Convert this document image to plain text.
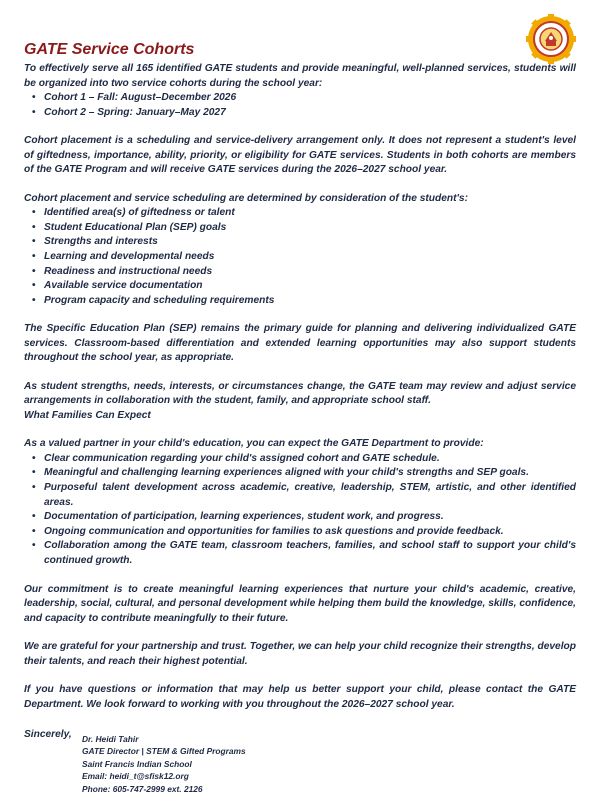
GATE Service Cohorts

To effectively serve all 165 identified GATE students and provide meaningful, well-planned services, students will be organized into two service cohorts during the school year:

• Cohort 1 – Fall: August–December 2026
• Cohort 2 – Spring: January–May 2027

Cohort placement is a scheduling and service-delivery arrangement only. It does not represent a student's level of giftedness, importance, ability, priority, or eligibility for GATE services. Students in both cohorts are members of the GATE Program and will receive GATE services during the 2026–2027 school year.

Cohort placement and service scheduling are determined by consideration of the student's:

• Identified area(s) of giftedness or talent
• Student Educational Plan (SEP) goals
• Strengths and interests
• Learning and developmental needs
• Readiness and instructional needs
• Available service documentation
• Program capacity and scheduling requirements

The Specific Education Plan (SEP) remains the primary guide for planning and delivering individualized GATE services. Classroom-based differentiation and extended learning opportunities may also support students throughout the school year, as appropriate.

As student strengths, needs, interests, or circumstances change, the GATE team may review and adjust service arrangements in collaboration with the student, family, and appropriate school staff.

What Families Can Expect

As a valued partner in your child's education, you can expect the GATE Department to provide:

• Clear communication regarding your child's assigned cohort and GATE schedule.
• Meaningful and challenging learning experiences aligned with your child's strengths and SEP goals.
• Purposeful talent development across academic, creative, leadership, STEM, artistic, and other identified areas.
• Documentation of participation, learning experiences, student work, and progress.
• Ongoing communication and opportunities for families to ask questions and provide feedback.
• Collaboration among the GATE team, classroom teachers, families, and school staff to support your child's continued growth.

Our commitment is to create meaningful learning experiences that nurture your child's academic, creative, leadership, social, cultural, and personal development while helping them build the knowledge, skills, confidence, and capacity to contribute meaningfully to their future.

We are grateful for your partnership and trust. Together, we can help your child recognize their strengths, develop their talents, and reach their highest potential.

If you have questions or information that may help us better support your child, please contact the GATE Department. We look forward to working with you throughout the 2026–2027 school year.

Sincerely,	Dr. Heidi Tahir
GATE Director | STEM & Gifted Programs
Saint Francis Indian School
Email: heidi_t@sfisk12.org
Phone: 605-747-2999 ext. 2126
